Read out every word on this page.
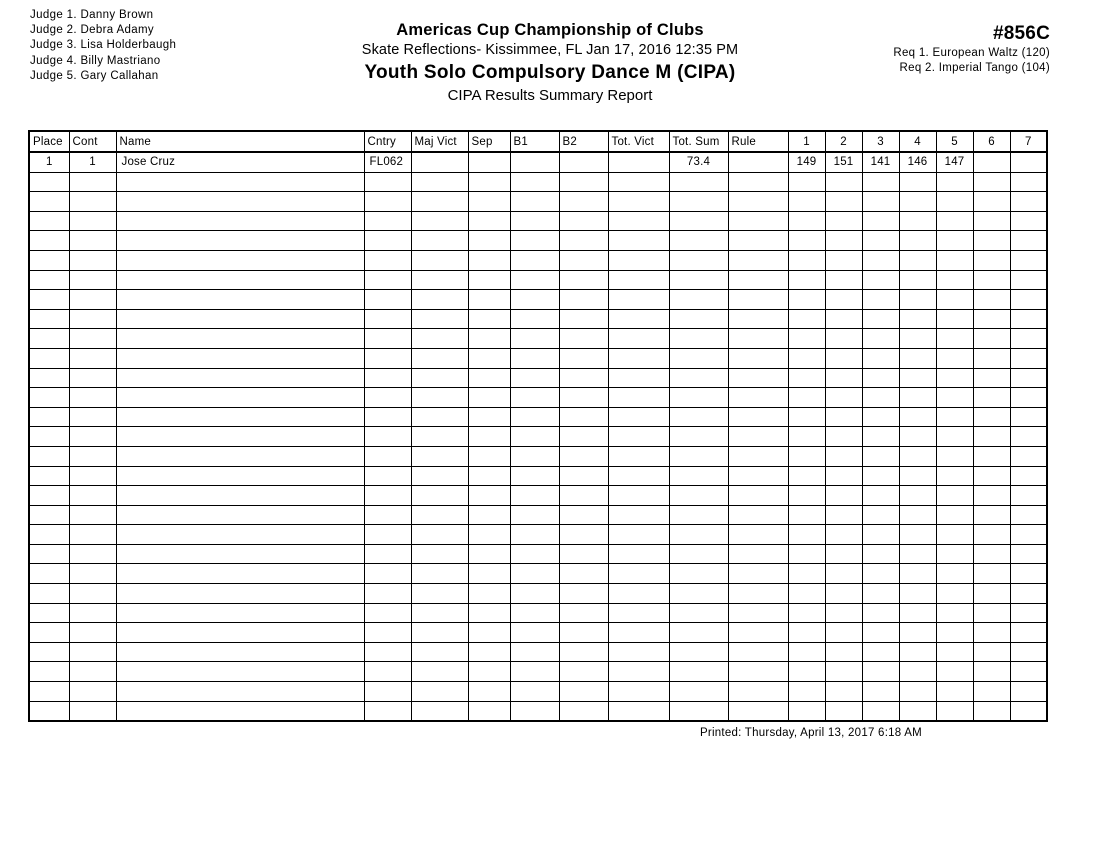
Judge 1. Danny Brown
Judge 2. Debra Adamy
Judge 3. Lisa Holderbaugh
Judge 4. Billy Mastriano
Judge 5. Gary Callahan
Americas Cup Championship of Clubs
Skate Reflections- Kissimmee, FL Jan 17, 2016 12:35 PM
Youth Solo Compulsory Dance M (CIPA)
CIPA Results Summary Report
#856C
Req 1. European Waltz (120)
Req 2. Imperial Tango (104)
Place	Cont	Name	Cntry	Maj Vict	Sep	B1	B2	Tot. Vict	Tot. Sum	Rule	1	2	3	4	5	6	7
1	1	Jose Cruz	FL062						73.4		149	151	141	146	147		

Printed: Thursday, April 13, 2017 6:18 AM
